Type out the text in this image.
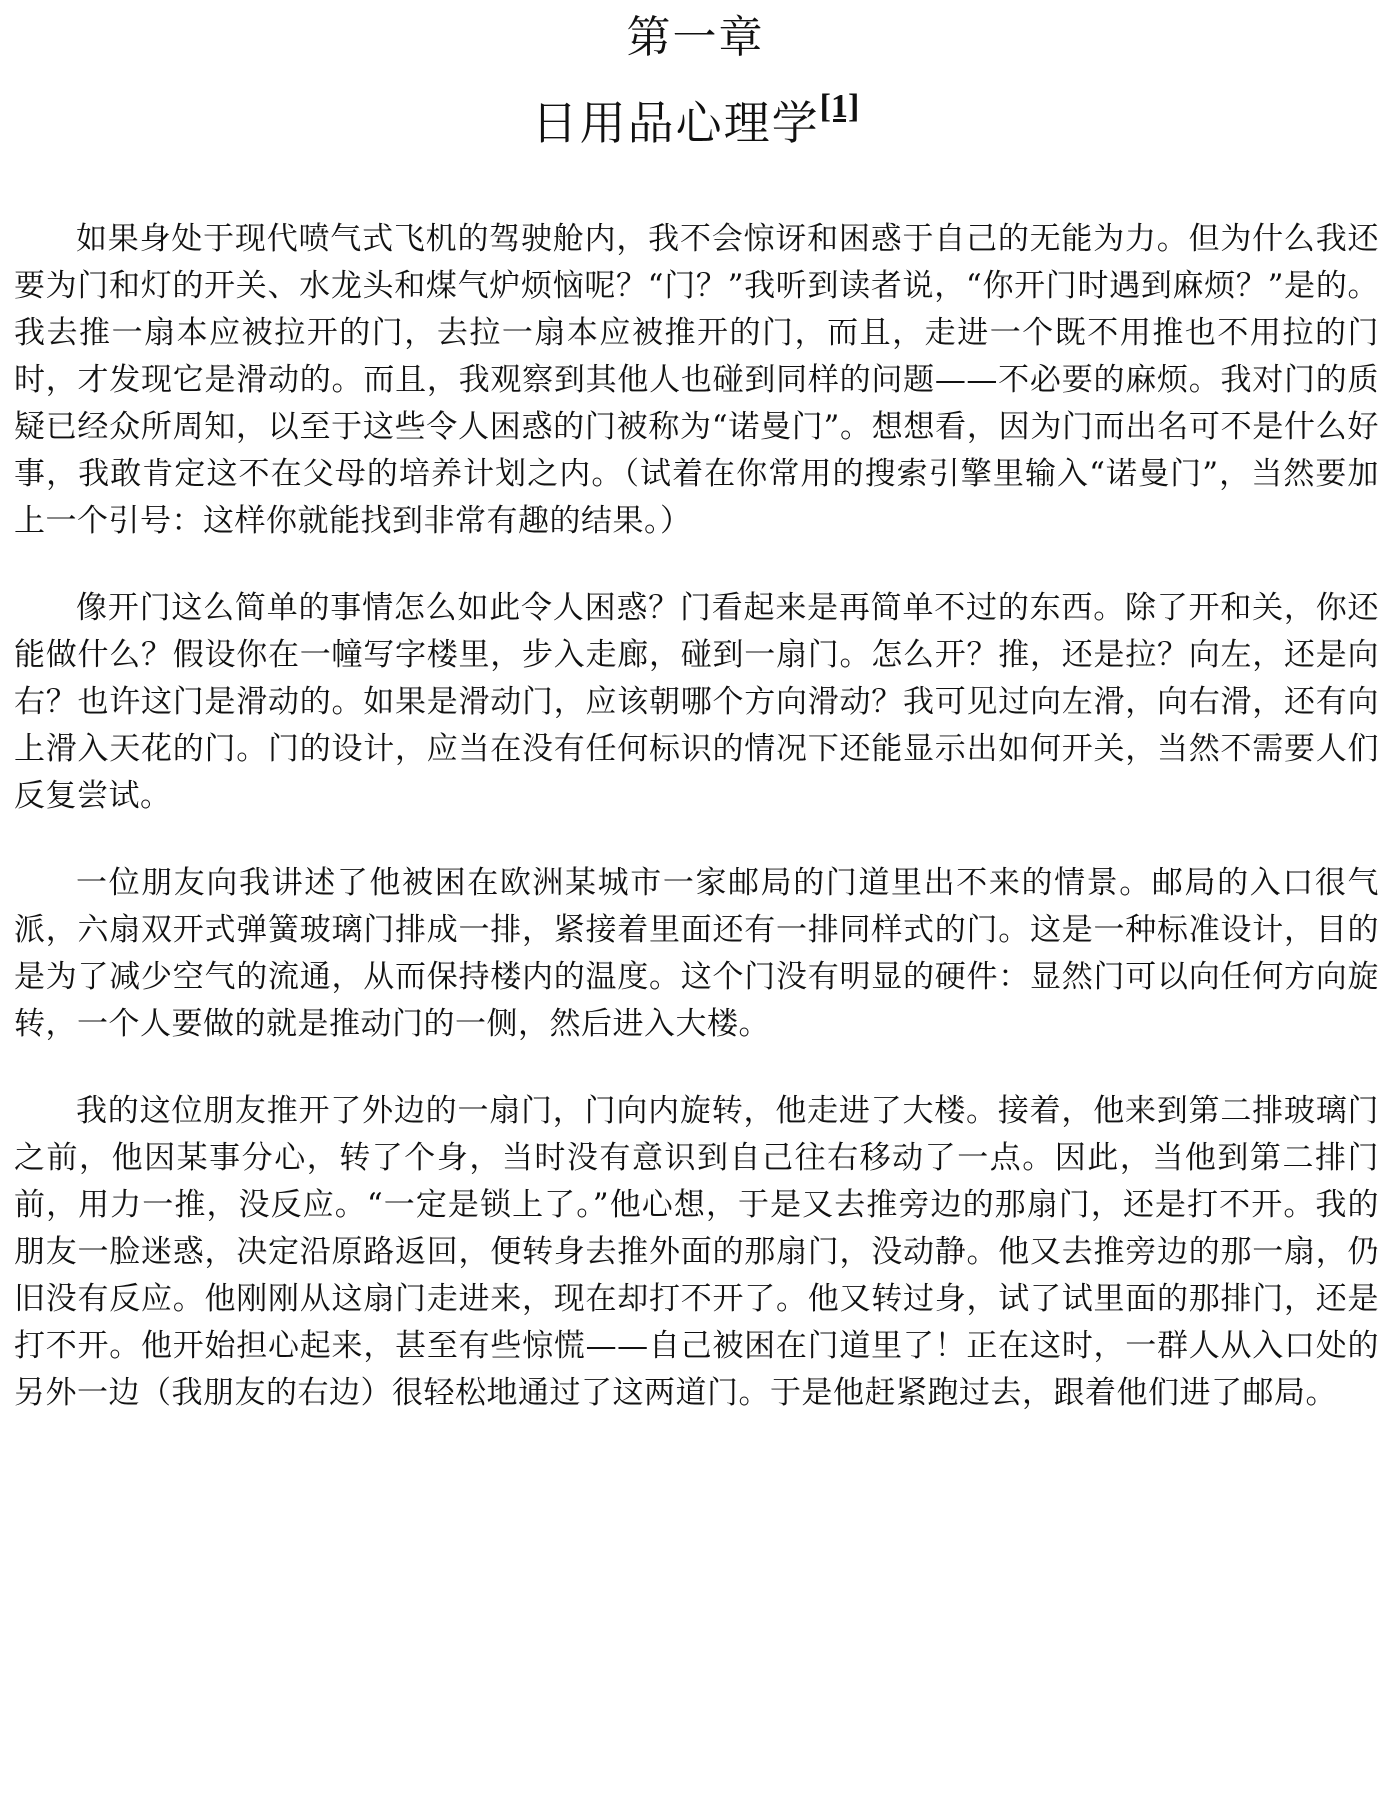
第一章
日用品心理学[1]

如果身处于现代喷气式飞机的驾驶舱内，我不会惊讶和困惑于自己的无能为力。但为什么我还要为门和灯的开关、水龙头和煤气炉烦恼呢？“门？”我听到读者说，“你开门时遇到麻烦？”是的。我去推一扇本应被拉开的门，去拉一扇本应被推开的门，而且，走进一个既不用推也不用拉的门时，才发现它是滑动的。而且，我观察到其他人也碰到同样的问题——不必要的麻烦。我对门的质疑已经众所周知，以至于这些令人困惑的门被称为“诺曼门”。想想看，因为门而出名可不是什么好事，我敢肯定这不在父母的培养计划之内。（试着在你常用的搜索引擎里输入“诺曼门”，当然要加上一个引号：这样你就能找到非常有趣的结果。）

像开门这么简单的事情怎么如此令人困惑？门看起来是再简单不过的东西。除了开和关，你还能做什么？假设你在一幢写字楼里，步入走廊，碰到一扇门。怎么开？推，还是拉？向左，还是向右？也许这门是滑动的。如果是滑动门，应该朝哪个方向滑动？我可见过向左滑，向右滑，还有向上滑入天花的门。门的设计，应当在没有任何标识的情况下还能显示出如何开关，当然不需要人们反复尝试。

一位朋友向我讲述了他被困在欧洲某城市一家邮局的门道里出不来的情景。邮局的入口很气派，六扇双开式弹簧玻璃门排成一排，紧接着里面还有一排同样式的门。这是一种标准设计，目的是为了减少空气的流通，从而保持楼内的温度。这个门没有明显的硬件：显然门可以向任何方向旋转，一个人要做的就是推动门的一侧，然后进入大楼。

我的这位朋友推开了外边的一扇门，门向内旋转，他走进了大楼。接着，他来到第二排玻璃门之前，他因某事分心，转了个身，当时没有意识到自己往右移动了一点。因此，当他到第二排门前，用力一推，没反应。“一定是锁上了。”他心想，于是又去推旁边的那扇门，还是打不开。我的朋友一脸迷惑，决定沿原路返回，便转身去推外面的那扇门，没动静。他又去推旁边的那一扇，仍旧没有反应。他刚刚从这扇门走进来，现在却打不开了。他又转过身，试了试里面的那排门，还是打不开。他开始担心起来，甚至有些惊慌——自己被困在门道里了！正在这时，一群人从入口处的另外一边（我朋友的右边）很轻松地通过了这两道门。于是他赶紧跑过去，跟着他们进了邮局。
